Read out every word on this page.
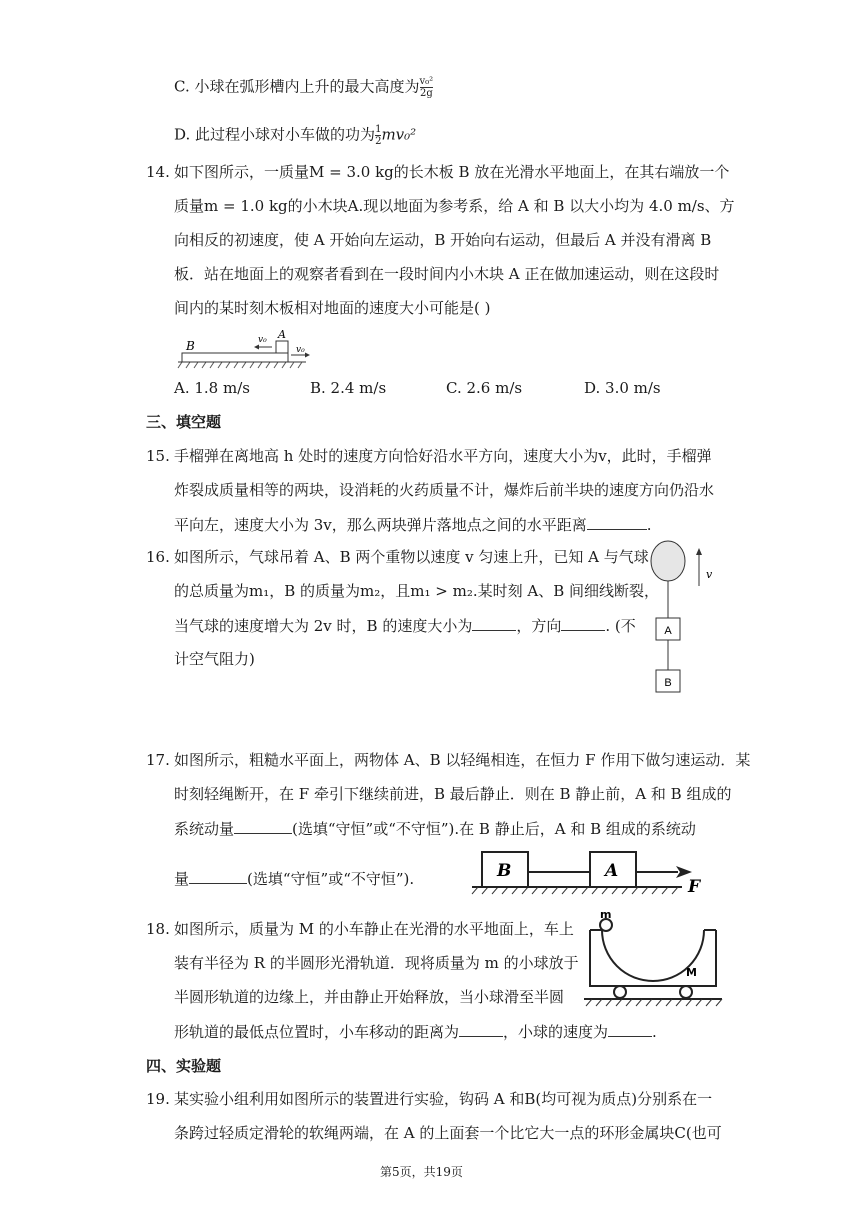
C. 小球在弧形槽内上升的最大高度为 $\frac{\text{v₀²}}{2g}$
D. 此过程小球对小车做的功为 $\frac{1}{2} mv_0^2$
14. 如下图所示，一质量M = 3.0 kg的长木板 B 放在光滑水平地面上，在其右端放一个
质量m = 1.0 kg的小木块A.现以地面为参考系，给 A 和 B 以大小均为 4.0 m/s、方
向相反的初速度，使 A 开始向左运动，B 开始向右运动，但最后 A 并没有滑离 B
板．站在地面上的观察者看到在一段时间内小木块 A 正在做加速运动，则在这段时
间内的某时刻木板相对地面的速度大小可能是( )
B
A
v₀
v₀
A. 1.8 m/s	B. 2.4 m/s	C. 2.6 m/s	D. 3.0 m/s
三、填空题
15. 手榴弹在离地高 h 处时的速度方向恰好沿水平方向，速度大小为v，此时，手榴弹
炸裂成质量相等的两块，设消耗的火药质量不计，爆炸后前半块的速度方向仍沿水
平向左，速度大小为 3v，那么两块弹片落地点之间的水平距离	.
16. 如图所示，气球吊着 A、B 两个重物以速度 v 匀速上升，已知 A 与气球
的总质量为m₁，B 的质量为m₂，且m₁ > m₂.某时刻 A、B 间细线断裂，
当气球的速度增大为 2v 时，B 的速度大小为	，方向	. (不
计空气阻力)
v
A
B
17. 如图所示，粗糙水平面上，两物体 A、B 以轻绳相连，在恒力 F 作用下做匀速运动．某
时刻轻绳断开，在 F 牵引下继续前进，B 最后静止．则在 B 静止前，A 和 B 组成的
系统动量	(选填“守恒”或“不守恒”).在 B 静止后，A 和 B 组成的系统动
量	(选填“守恒”或“不守恒”).	B	A
F
18. 如图所示，质量为 M 的小车静止在光滑的水平地面上，车上
装有半径为 R 的半圆形光滑轨道．现将质量为 m 的小球放于
半圆形轨道的边缘上，并由静止开始释放，当小球滑至半圆
形轨道的最低点位置时，小车移动的距离为	，小球的速度为	.
m
M
四、实验题
19. 某实验小组利用如图所示的装置进行实验，钩码 A 和B(均可视为质点)分别系在一
条跨过轻质定滑轮的软绳两端，在 A 的上面套一个比它大一点的环形金属块C(也可
第5页，共19页
